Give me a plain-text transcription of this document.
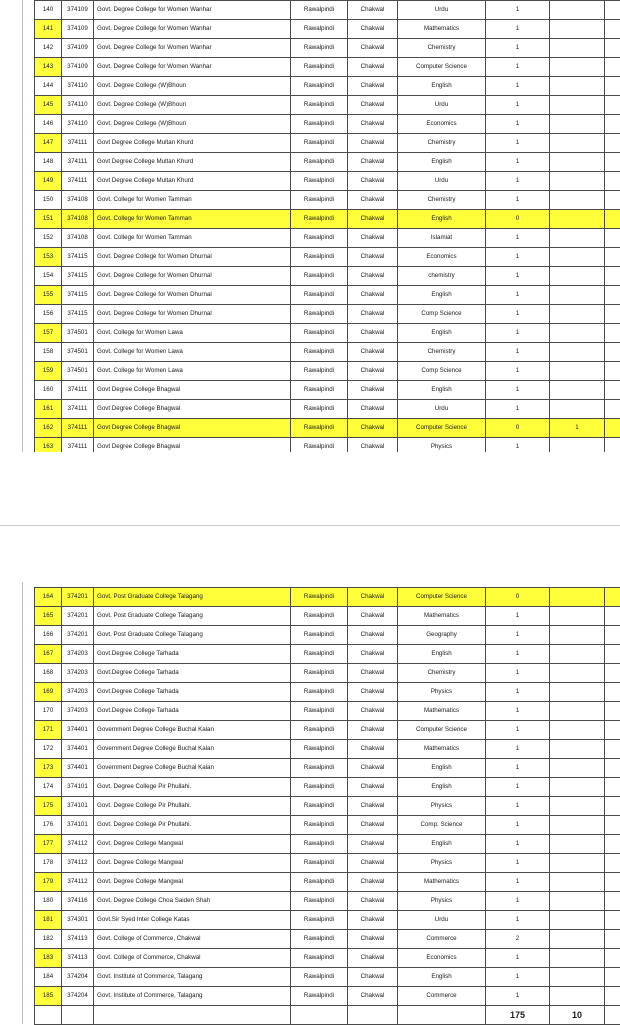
140	374109	Govt. Degree College for Women Wanhar	Rawalpindi	Chakwal	Urdu	1		
141	374109	Govt. Degree College for Women Wanhar	Rawalpindi	Chakwal	Mathematics	1		
142	374109	Govt. Degree College for Women Wanhar	Rawalpindi	Chakwal	Chemistry	1		
143	374109	Govt. Degree College for Women Wanhar	Rawalpindi	Chakwal	Computer Science	1		
144	374110	Govt. Degree College (W)Bhoun	Rawalpindi	Chakwal	English	1		
145	374110	Govt. Degree College (W)Bhoun	Rawalpindi	Chakwal	Urdu	1		
146	374110	Govt. Degree College (W)Bhoun	Rawalpindi	Chakwal	Economics	1		
147	374111	Govt Degree College Multan Khurd	Rawalpindi	Chakwal	Chemistry	1		
148	374111	Govt Degree College Multan Khurd	Rawalpindi	Chakwal	English	1		
149	374111	Govt Degree College Multan Khurd	Rawalpindi	Chakwal	Urdu	1		
150	374108	Govt. College for Women Tamman	Rawalpindi	Chakwal	Chemistry	1		
151	374108	Govt. College for Women Tamman	Rawalpindi	Chakwal	English	0		
152	374108	Govt. College for Women Tamman	Rawalpindi	Chakwal	Islamiat	1		
153	374115	Govt. Degree College for Women Dhurnal	Rawalpindi	Chakwal	Economics	1		
154	374115	Govt. Degree College for Women Dhurnal	Rawalpindi	Chakwal	chemistry	1		
155	374115	Govt. Degree College for Women Dhurnal	Rawalpindi	Chakwal	English	1		
156	374115	Govt. Degree College for Women Dhurnal	Rawalpindi	Chakwal	Comp Science	1		
157	374501	Govt. College for Women Lawa	Rawalpindi	Chakwal	English	1		
158	374501	Govt. College for Women Lawa	Rawalpindi	Chakwal	Chemistry	1		
159	374501	Govt. College for Women Lawa	Rawalpindi	Chakwal	Comp Science	1		
160	374111	Govt Degree College Bhagwal	Rawalpindi	Chakwal	English	1		
161	374111	Govt Degree College Bhagwal	Rawalpindi	Chakwal	Urdu	1		
162	374111	Govt Degree College Bhagwal	Rawalpindi	Chakwal	Computer Science	0	1	
163	374111	Govt Degree College Bhagwal	Rawalpindi	Chakwal	Physics	1		
164	374201	Govt. Post Graduate College Talagang	Rawalpindi	Chakwal	Computer Science	0		
165	374201	Govt. Post Graduate College Talagang	Rawalpindi	Chakwal	Mathematics	1		
166	374201	Govt. Post Graduate College Talagang	Rawalpindi	Chakwal	Geography	1		
167	374203	Govt.Degree College Tarhada	Rawalpindi	Chakwal	English	1		
168	374203	Govt.Degree College Tarhada	Rawalpindi	Chakwal	Chemistry	1		
169	374203	Govt.Degree College Tarhada	Rawalpindi	Chakwal	Physics	1		
170	374203	Govt.Degree College Tarhada	Rawalpindi	Chakwal	Mathematics	1		
171	374401	Government Degree College Buchal Kalan	Rawalpindi	Chakwal	Computer Science	1		
172	374401	Government Degree College Buchal Kalan	Rawalpindi	Chakwal	Mathematics	1		
173	374401	Government Degree College Buchal Kalan	Rawalpindi	Chakwal	English	1		
174	374101	Govt. Degree College Pir Phullahi.	Rawalpindi	Chakwal	English	1		
175	374101	Govt. Degree College Pir Phullahi.	Rawalpindi	Chakwal	Physics	1		
176	374101	Govt. Degree College Pir Phullahi.	Rawalpindi	Chakwal	Comp. Science	1		
177	374112	Govt. Degree College Mangwal	Rawalpindi	Chakwal	English	1		
178	374112	Govt. Degree College Mangwal	Rawalpindi	Chakwal	Physics	1		
179	374112	Govt. Degree College Mangwal	Rawalpindi	Chakwal	Mathematics	1		
180	374116	Govt. Degree College Choa Saiden Shah	Rawalpindi	Chakwal	Physics	1		
181	374301	Govt.Sir Syed Inter College Katas	Rawalpindi	Chakwal	Urdu	1		
182	374113	Govt. College of Commerce, Chakwal	Rawalpindi	Chakwal	Commerce	2		
183	374113	Govt. College of Commerce, Chakwal	Rawalpindi	Chakwal	Economics	1		
184	374204	Govt. Institute of Commerce, Talagang	Rawalpindi	Chakwal	English	1		
185	374204	Govt. Institute of Commerce, Talagang	Rawalpindi	Chakwal	Commerce	1		
						175	10	
